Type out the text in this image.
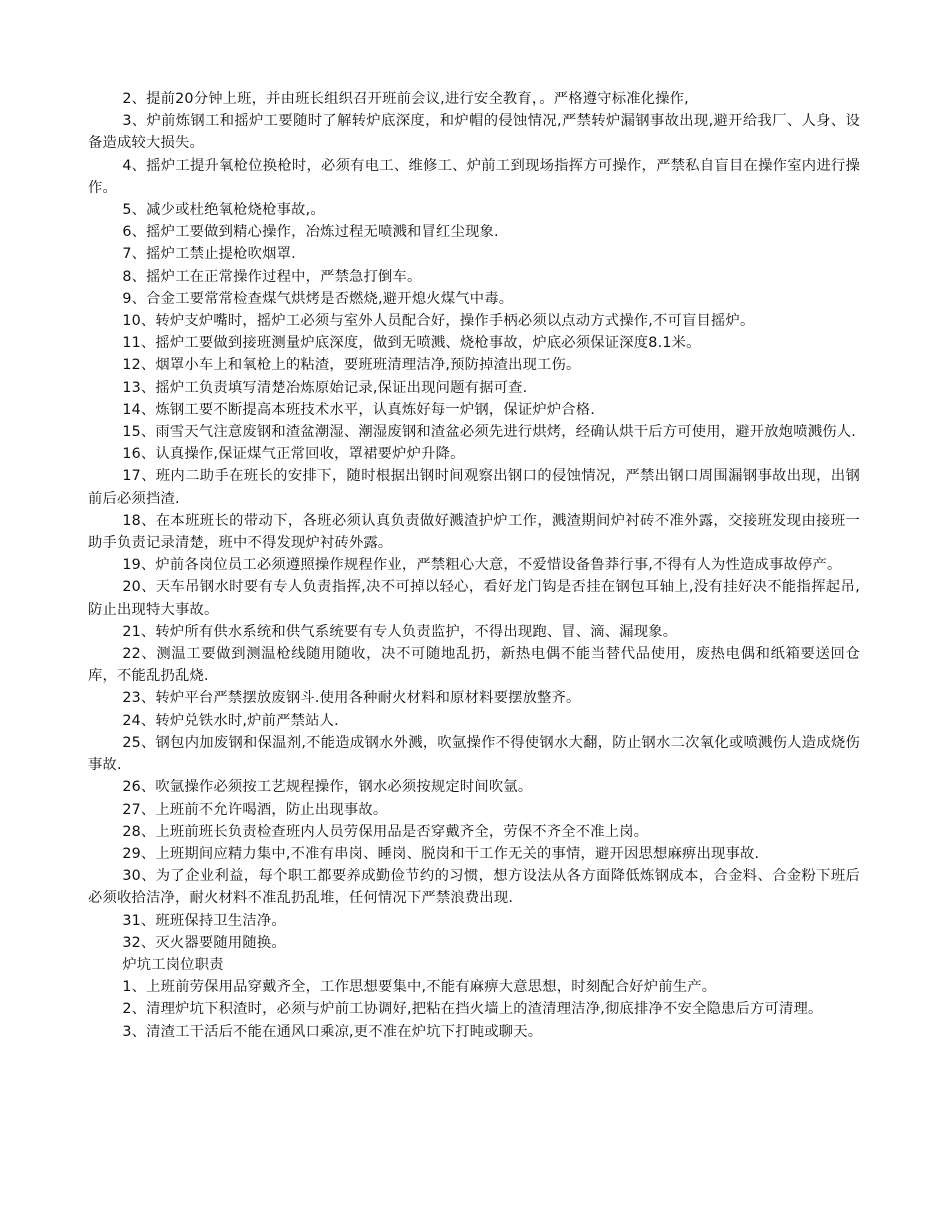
2、提前20分钟上班，并由班长组织召开班前会议,进行安全教育，。严格遵守标准化操作,

3、炉前炼钢工和摇炉工要随时了解转炉底深度，和炉帽的侵蚀情况,严禁转炉漏钢事故出现,避开给我厂、人身、设备造成较大损失。

4、摇炉工提升氧枪位换枪时，必须有电工、维修工、炉前工到现场指挥方可操作，严禁私自盲目在操作室内进行操作。

5、减少或杜绝氧枪烧枪事故,。

6、摇炉工要做到精心操作，冶炼过程无喷溅和冒红尘现象.

7、摇炉工禁止提枪吹烟罩.

8、摇炉工在正常操作过程中，严禁急打倒车。

9、合金工要常常检查煤气烘烤是否燃烧,避开熄火煤气中毒。

10、转炉支炉嘴时，摇炉工必须与室外人员配合好，操作手柄必须以点动方式操作,不可盲目摇炉。

11、摇炉工要做到接班测量炉底深度，做到无喷溅、烧枪事故，炉底必须保证深度8.1米。

12、烟罩小车上和氧枪上的粘渣，要班班清理洁净,预防掉渣出现工伤。

13、摇炉工负责填写清楚冶炼原始记录,保证出现问题有据可查.

14、炼钢工要不断提高本班技术水平，认真炼好每一炉钢，保证炉炉合格.

15、雨雪天气注意废钢和渣盆潮湿、潮湿废钢和渣盆必须先进行烘烤，经确认烘干后方可使用，避开放炮喷溅伤人.

16、认真操作,保证煤气正常回收，罩裙要炉炉升降。

17、班内二助手在班长的安排下，随时根据出钢时间观察出钢口的侵蚀情况，严禁出钢口周围漏钢事故出现，出钢前后必须挡渣.

18、在本班班长的带动下，各班必须认真负责做好溅渣护炉工作，溅渣期间炉衬砖不准外露，交接班发现由接班一助手负责记录清楚，班中不得发现炉衬砖外露。

19、炉前各岗位员工必须遵照操作规程作业，严禁粗心大意，不爱惜设备鲁莽行事,不得有人为性造成事故停产。

20、天车吊钢水时要有专人负责指挥,决不可掉以轻心，看好龙门钩是否挂在钢包耳轴上,没有挂好决不能指挥起吊,防止出现特大事故。

21、转炉所有供水系统和供气系统要有专人负责监护，不得出现跑、冒、滴、漏现象。

22、测温工要做到测温枪线随用随收，决不可随地乱扔，新热电偶不能当替代品使用，废热电偶和纸箱要送回仓库，不能乱扔乱烧.

23、转炉平台严禁摆放废钢斗.使用各种耐火材料和原材料要摆放整齐。

24、转炉兑铁水时,炉前严禁站人.

25、钢包内加废钢和保温剂,不能造成钢水外溅，吹氩操作不得使钢水大翻，防止钢水二次氧化或喷溅伤人造成烧伤事故.

26、吹氩操作必须按工艺规程操作，钢水必须按规定时间吹氩。

27、上班前不允许喝酒，防止出现事故。

28、上班前班长负责检查班内人员劳保用品是否穿戴齐全，劳保不齐全不准上岗。

29、上班期间应精力集中,不准有串岗、睡岗、脱岗和干工作无关的事情，避开因思想麻痹出现事故.

30、为了企业利益，每个职工都要养成勤俭节约的习惯，想方设法从各方面降低炼钢成本，合金料、合金粉下班后必须收拾洁净，耐火材料不准乱扔乱堆，任何情况下严禁浪费出现.

31、班班保持卫生洁净。

32、灭火器要随用随换。

炉坑工岗位职责

1、上班前劳保用品穿戴齐全，工作思想要集中,不能有麻痹大意思想，时刻配合好炉前生产。

2、清理炉坑下积渣时，必须与炉前工协调好,把粘在挡火墙上的渣清理洁净,彻底排净不安全隐患后方可清理。

3、清渣工干活后不能在通风口乘凉,更不准在炉坑下打盹或聊天。
